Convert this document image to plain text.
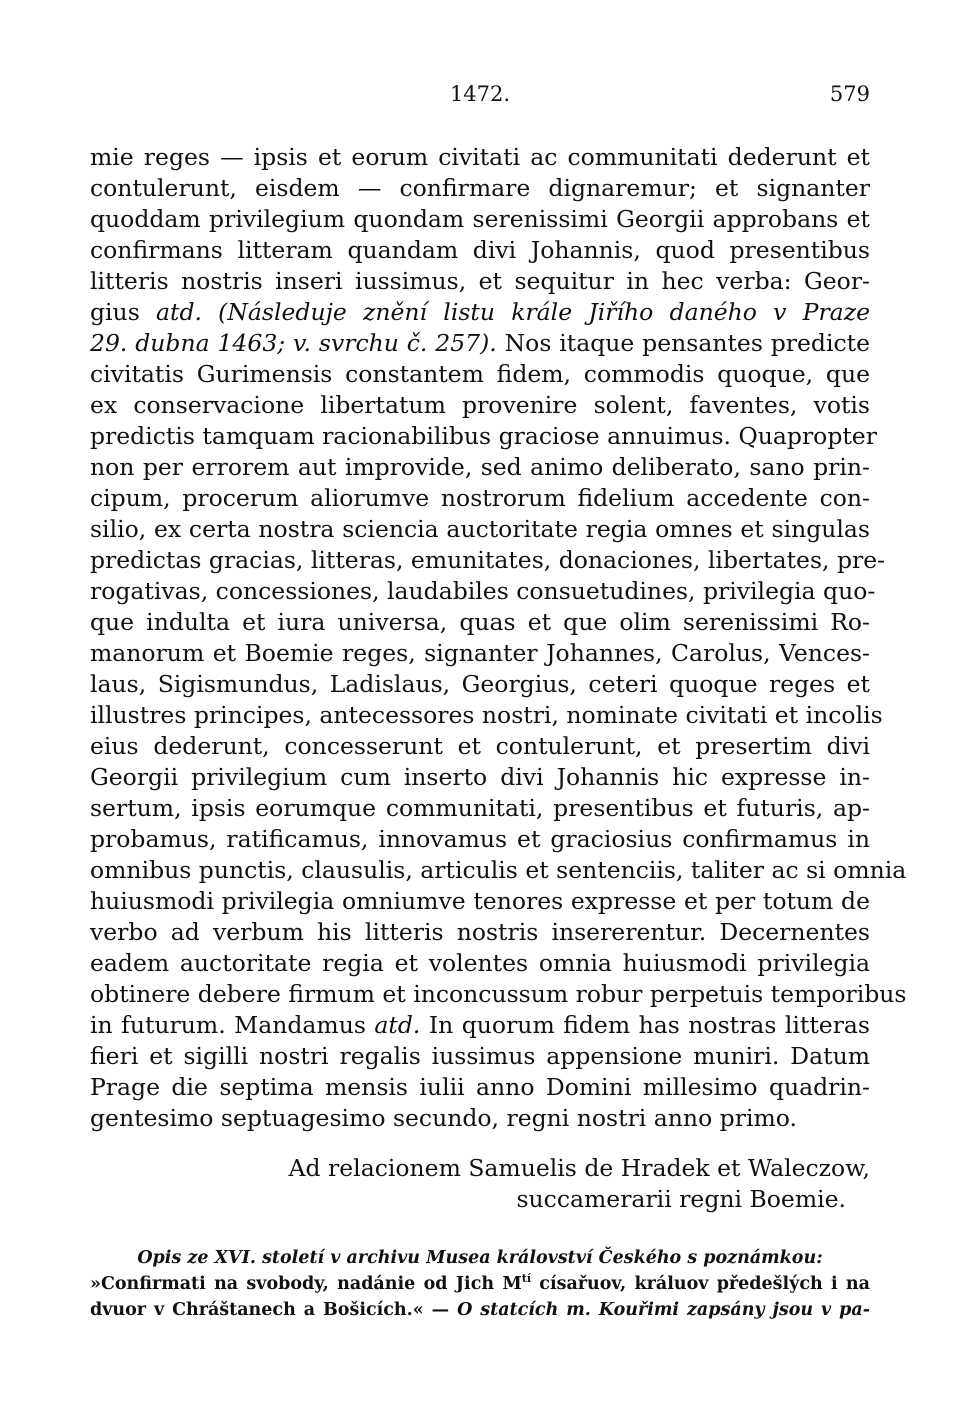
1472.	579
mie reges — ipsis et eorum civitati ac communitati dederunt et
contulerunt, eisdem — confirmare dignaremur; et signanter
quoddam privilegium quondam serenissimi Georgii approbans et
confirmans litteram quandam divi Johannis, quod presentibus
litteris nostris inseri iussimus, et sequitur in hec verba: Geor-
gius atd. (Následuje znění listu krále Jiřího daného v Praze
29. dubna 1463; v. svrchu č. 257). Nos itaque pensantes predicte
civitatis Gurimensis constantem fidem, commodis quoque, que
ex conservacione libertatum provenire solent, faventes, votis
predictis tamquam racionabilibus graciose annuimus. Quapropter
non per errorem aut improvide, sed animo deliberato, sano prin-
cipum, procerum aliorumve nostrorum fidelium accedente con-
silio, ex certa nostra sciencia auctoritate regia omnes et singulas
predictas gracias, litteras, emunitates, donaciones, libertates, pre-
rogativas, concessiones, laudabiles consuetudines, privilegia quo-
que indulta et iura universa, quas et que olim serenissimi Ro-
manorum et Boemie reges, signanter Johannes, Carolus, Vences-
laus, Sigismundus, Ladislaus, Georgius, ceteri quoque reges et
illustres principes, antecessores nostri, nominate civitati et incolis
eius dederunt, concesserunt et contulerunt, et presertim divi
Georgii privilegium cum inserto divi Johannis hic expresse in-
sertum, ipsis eorumque communitati, presentibus et futuris, ap-
probamus, ratificamus, innovamus et graciosius confirmamus in
omnibus punctis, clausulis, articulis et sentenciis, taliter ac si omnia
huiusmodi privilegia omniumve tenores expresse et per totum de
verbo ad verbum his litteris nostris insererentur. Decernentes
eadem auctoritate regia et volentes omnia huiusmodi privilegia
obtinere debere firmum et inconcussum robur perpetuis temporibus
in futurum. Mandamus atd. In quorum fidem has nostras litteras
fieri et sigilli nostri regalis iussimus appensione muniri. Datum
Prage die septima mensis iulii anno Domini millesimo quadrin-
gentesimo septuagesimo secundo, regni nostri anno primo.
Ad relacionem Samuelis de Hradek et Waleczow,
succamerarii regni Boemie.
Opis ze XVI. století v archivu Musea království Českého s poznámkou:
»Confirmati na svobody, nadánie od Jich $M^{tí}$ císařuov, králuov předešlých i na
dvuor v Chráštanech a Bošicích.« — O statcích m. Kouřimi zapsány jsou v pa-
